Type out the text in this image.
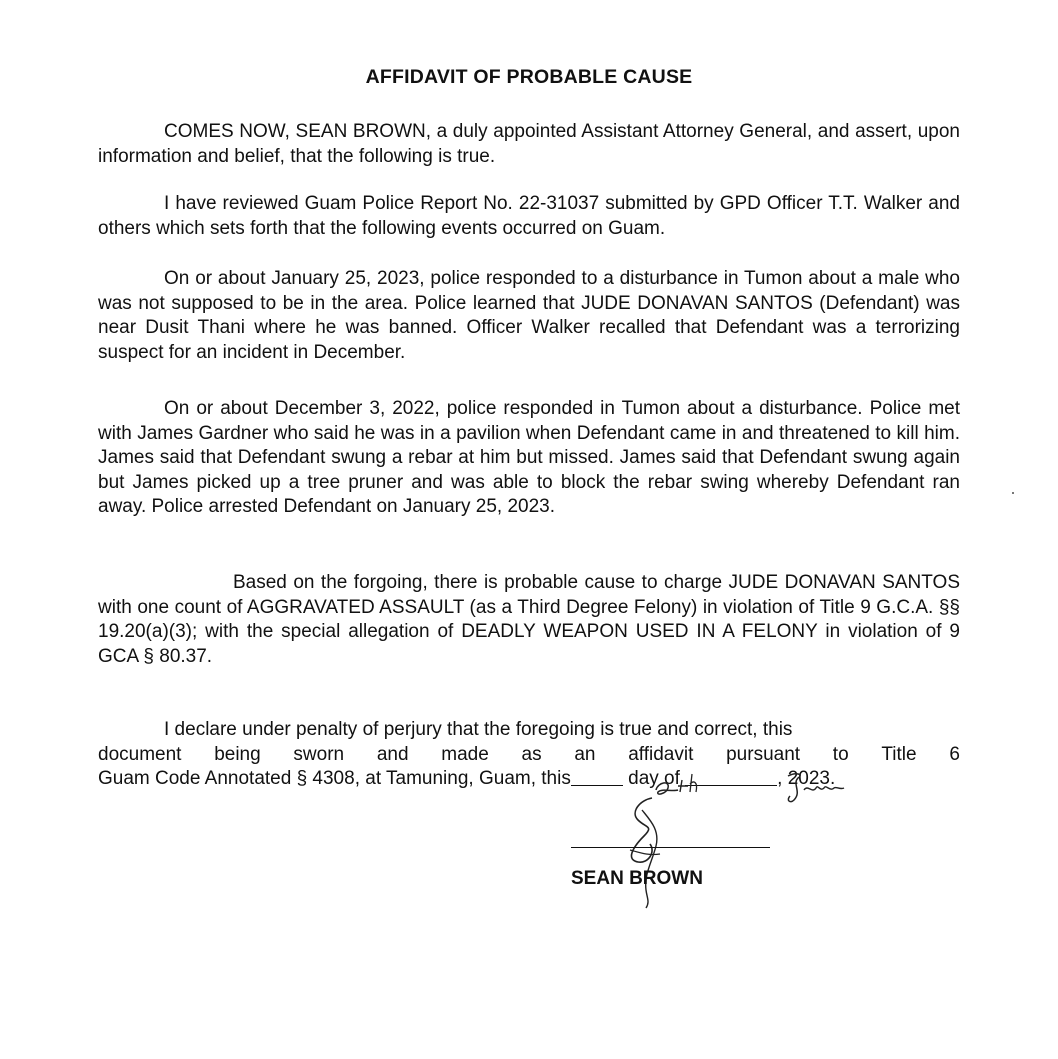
AFFIDAVIT OF PROBABLE CAUSE

COMES NOW, SEAN BROWN, a duly appointed Assistant Attorney General, and assert, upon information and belief, that the following is true.

I have reviewed Guam Police Report No. 22-31037 submitted by GPD Officer T.T. Walker and others which sets forth that the following events occurred on Guam.

On or about January 25, 2023, police responded to a disturbance in Tumon about a male who was not supposed to be in the area. Police learned that JUDE DONAVAN SANTOS (Defendant) was near Dusit Thani where he was banned. Officer Walker recalled that Defendant was a terrorizing suspect for an incident in December.

On or about December 3, 2022, police responded in Tumon about a disturbance. Police met with James Gardner who said he was in a pavilion when Defendant came in and threatened to kill him. James said that Defendant swung a rebar at him but missed. James said that Defendant swung again but James picked up a tree pruner and was able to block the rebar swing whereby Defendant ran away. Police arrested Defendant on January 25, 2023.

Based on the forgoing, there is probable cause to charge JUDE DONAVAN SANTOS with one count of AGGRAVATED ASSAULT (as a Third Degree Felony) in violation of Title 9 G.C.A. §§ 19.20(a)(3); with the special allegation of DEADLY WEAPON USED IN A FELONY in violation of 9 GCA § 80.37.

I declare under penalty of perjury that the foregoing is true and correct, this
document being sworn and made as an affidavit pursuant to Title 6
Guam Code Annotated § 4308, at Tamuning, Guam, this	day of	, 2023.
SEAN BROWN
